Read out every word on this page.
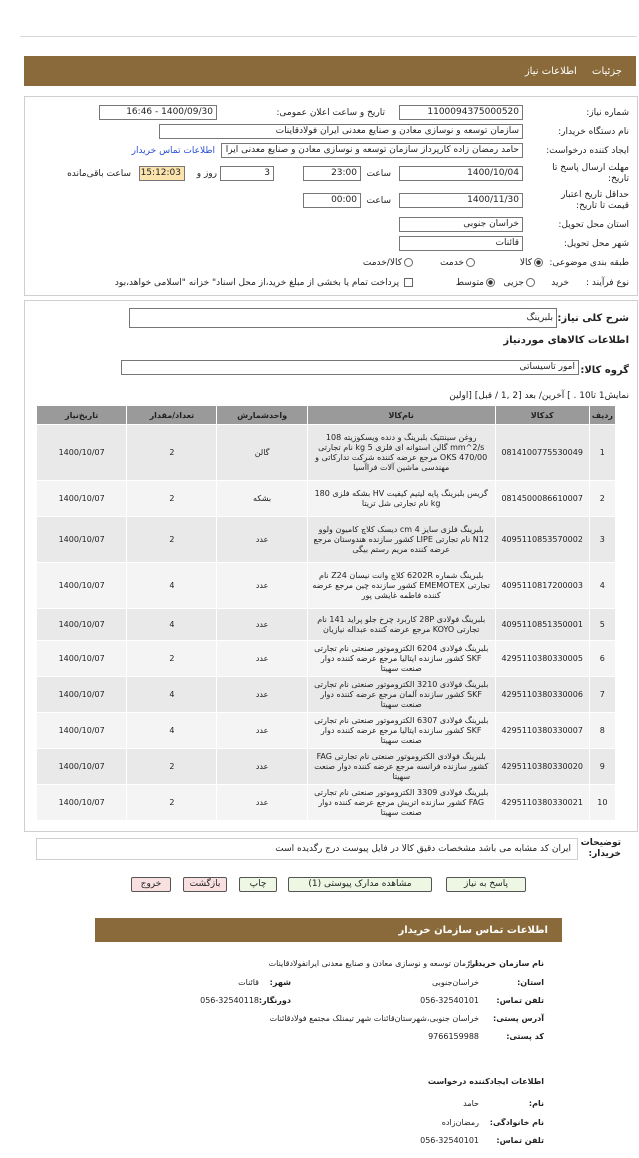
جزئیات اطلاعات نیاز
شماره نیاز:
1100094375000520
تاریخ و ساعت اعلان عمومی:
1400/09/30 - 16:46
نام دستگاه خریدار:
سازمان توسعه و نوسازی معادن و صنایع معدنی ایران فولادقاینات
ایجاد کننده درخواست:
حامد رمضان زاده کارپرداز سازمان توسعه و نوسازی معادن و صنایع معدنی ایرا
اطلاعات تماس خریدار
مهلت ارسال پاسخ تا تاریخ:
1400/10/04
ساعت
23:00
3
روز و
15:12:03
ساعت باقی‌مانده
حداقل تاریخ اعتبار قیمت تا تاریخ:
1400/11/30
ساعت
00:00
استان محل تحویل:
خراسان جنوبی
شهر محل تحویل:
قائنات
طبقه بندی موضوعی:
کالا
خدمت
کالا/خدمت
نوع فرآیند :
خرید
جزیی
متوسط
پرداخت تمام یا بخشی از مبلغ خرید،از محل اسناد" خزانه "اسلامی خواهد،بود
شرح کلی نیاز:
بلبرینگ
اطلاعات کالاهای موردنیاز
گروه کالا:
امور تاسیساتی
نمایش1 تا10 . ] آخرین/ بعد [2 ,1 / قبل] [اولین
ردیف	کدکالا	نام‌کالا	واحدشمارش	تعداد/مقدار	تاریخ‌نیاز
1	0814100775530049	روغن سینتتیک بلبرینگ و دنده ویسکوزیته 108 mm^2/s گالن استوانه ای فلزی 5 kg نام تجارتی OKS 470/00 مرجع عرضه کننده شرکت تدارکاتی و مهندسی ماشین آلات فراآسیا	گالن	2	1400/10/07
2	0814500086610007	گریس بلبرینگ پایه لیتیم کیفیت HV بشکه فلزی 180 kg نام تجارتی شل تریتا	بشکه	2	1400/10/07
3	4095110853570002	بلبرینگ فلزی سایز 4 cm دیسک کلاچ کامیون ولوو N12 نام تجارتی LIPE کشور سازنده هندوستان مرجع عرضه کننده مریم رستم بیگی	عدد	2	1400/10/07
4	4095110817200003	بلبرینگ شماره 6202R کلاچ وانت نیسان Z24 نام تجارتی EMEMOTEX کشور سازنده چین مرجع عرضه کننده فاطمه غایشی پور	عدد	4	1400/10/07
5	4095110851350001	بلبرینگ فولادی 28P کاربرد چرخ جلو پراید 141 نام تجارتی KOYO مرجع عرضه کننده عبداله نیازیان	عدد	4	1400/10/07
6	4295110380330005	بلبرینگ فولادی 6204 الکتروموتور صنعتی نام تجارتی SKF کشور سازنده ایتالیا مرجع عرضه کننده دوار صنعت سهیتا	عدد	2	1400/10/07
7	4295110380330006	بلبرینگ فولادی 3210 الکتروموتور صنعتی نام تجارتی SKF کشور سازنده آلمان مرجع عرضه کننده دوار صنعت سهیتا	عدد	4	1400/10/07
8	4295110380330007	بلبرینگ فولادی 6307 الکتروموتور صنعتی نام تجارتی SKF کشور سازنده ایتالیا مرجع عرضه کننده دوار صنعت سهیتا	عدد	4	1400/10/07
9	4295110380330020	بلبرینگ فولادی الکتروموتور صنعتی نام تجارتی FAG کشور سازنده فرانسه مرجع عرضه کننده دوار صنعت سهیتا	عدد	2	1400/10/07
10	4295110380330021	بلبرینگ فولادی 3309 الکتروموتور صنعتی نام تجارتی FAG کشور سازنده اتریش مرجع عرضه کننده دوار صنعت سهیتا	عدد	2	1400/10/07
ایران کد مشابه می باشد مشخصات دقیق کالا در فایل پیوست درج رگدیده است
توضیحات خریدار:
پاسخ به نیاز
مشاهده مدارک پیوستی (1)
چاپ
بازگشت
خروج
اطلاعات تماس سازمان خریدار
نام سازمان خریدار:
سازمان توسعه و نوسازی معادن و صنایع معدنی ایرانفولادقاینات
استان:
خراسان‌جنوبی
شهر:
قائنات
تلفن تماس:
056-32540101
دورنگار:
056-32540118
آدرس پستی:
خراسان جنوبی،شهرستان‌قائنات شهر تیمنلک مجتمع فولادقائنات
کد پستی:
9766159988
اطلاعات ایجادکننده درخواست
نام:
حامد
نام خانوادگی:
رمضان‌زاده
تلفن تماس:
056-32540101
